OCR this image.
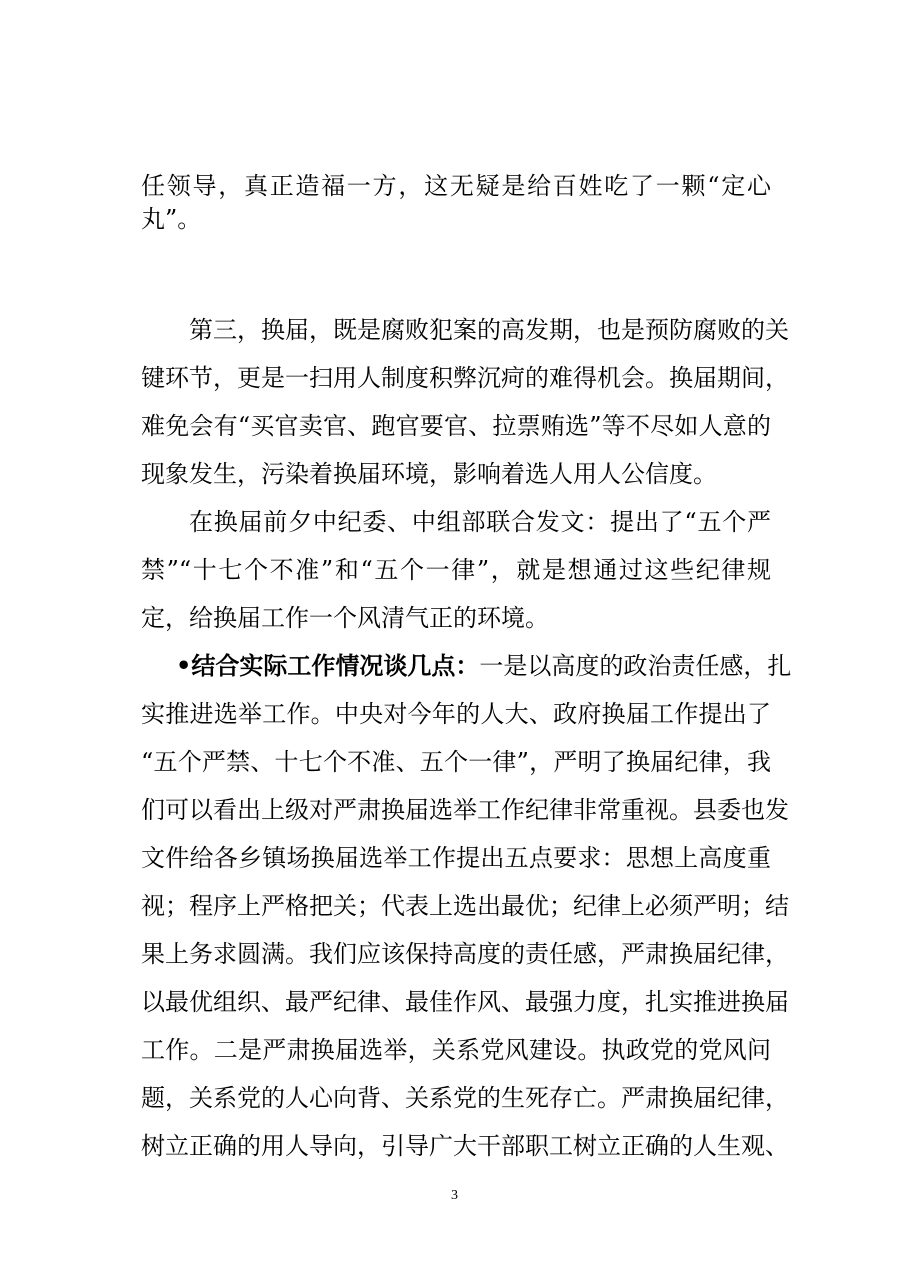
任领导，真正造福一方，这无疑是给百姓吃了一颗“定心
丸”。
第三，换届，既是腐败犯案的高发期，也是预防腐败的关
键环节，更是一扫用人制度积弊沉疴的难得机会。换届期间，
难免会有“买官卖官、跑官要官、拉票贿选”等不尽如人意的
现象发生，污染着换届环境，影响着选人用人公信度。
在换届前夕中纪委、中组部联合发文：提出了“五个严
禁”“十七个不准”和“五个一律”，就是想通过这些纪律规
定，给换届工作一个风清气正的环境。
•结合实际工作情况谈几点：一是以高度的政治责任感，扎
实推进选举工作。中央对今年的人大、政府换届工作提出了
“五个严禁、十七个不准、五个一律”，严明了换届纪律，我
们可以看出上级对严肃换届选举工作纪律非常重视。县委也发
文件给各乡镇场换届选举工作提出五点要求：思想上高度重
视；程序上严格把关；代表上选出最优；纪律上必须严明；结
果上务求圆满。我们应该保持高度的责任感，严肃换届纪律，
以最优组织、最严纪律、最佳作风、最强力度，扎实推进换届
工作。二是严肃换届选举，关系党风建设。执政党的党风问
题，关系党的人心向背、关系党的生死存亡。严肃换届纪律，
树立正确的用人导向，引导广大干部职工树立正确的人生观、
3
